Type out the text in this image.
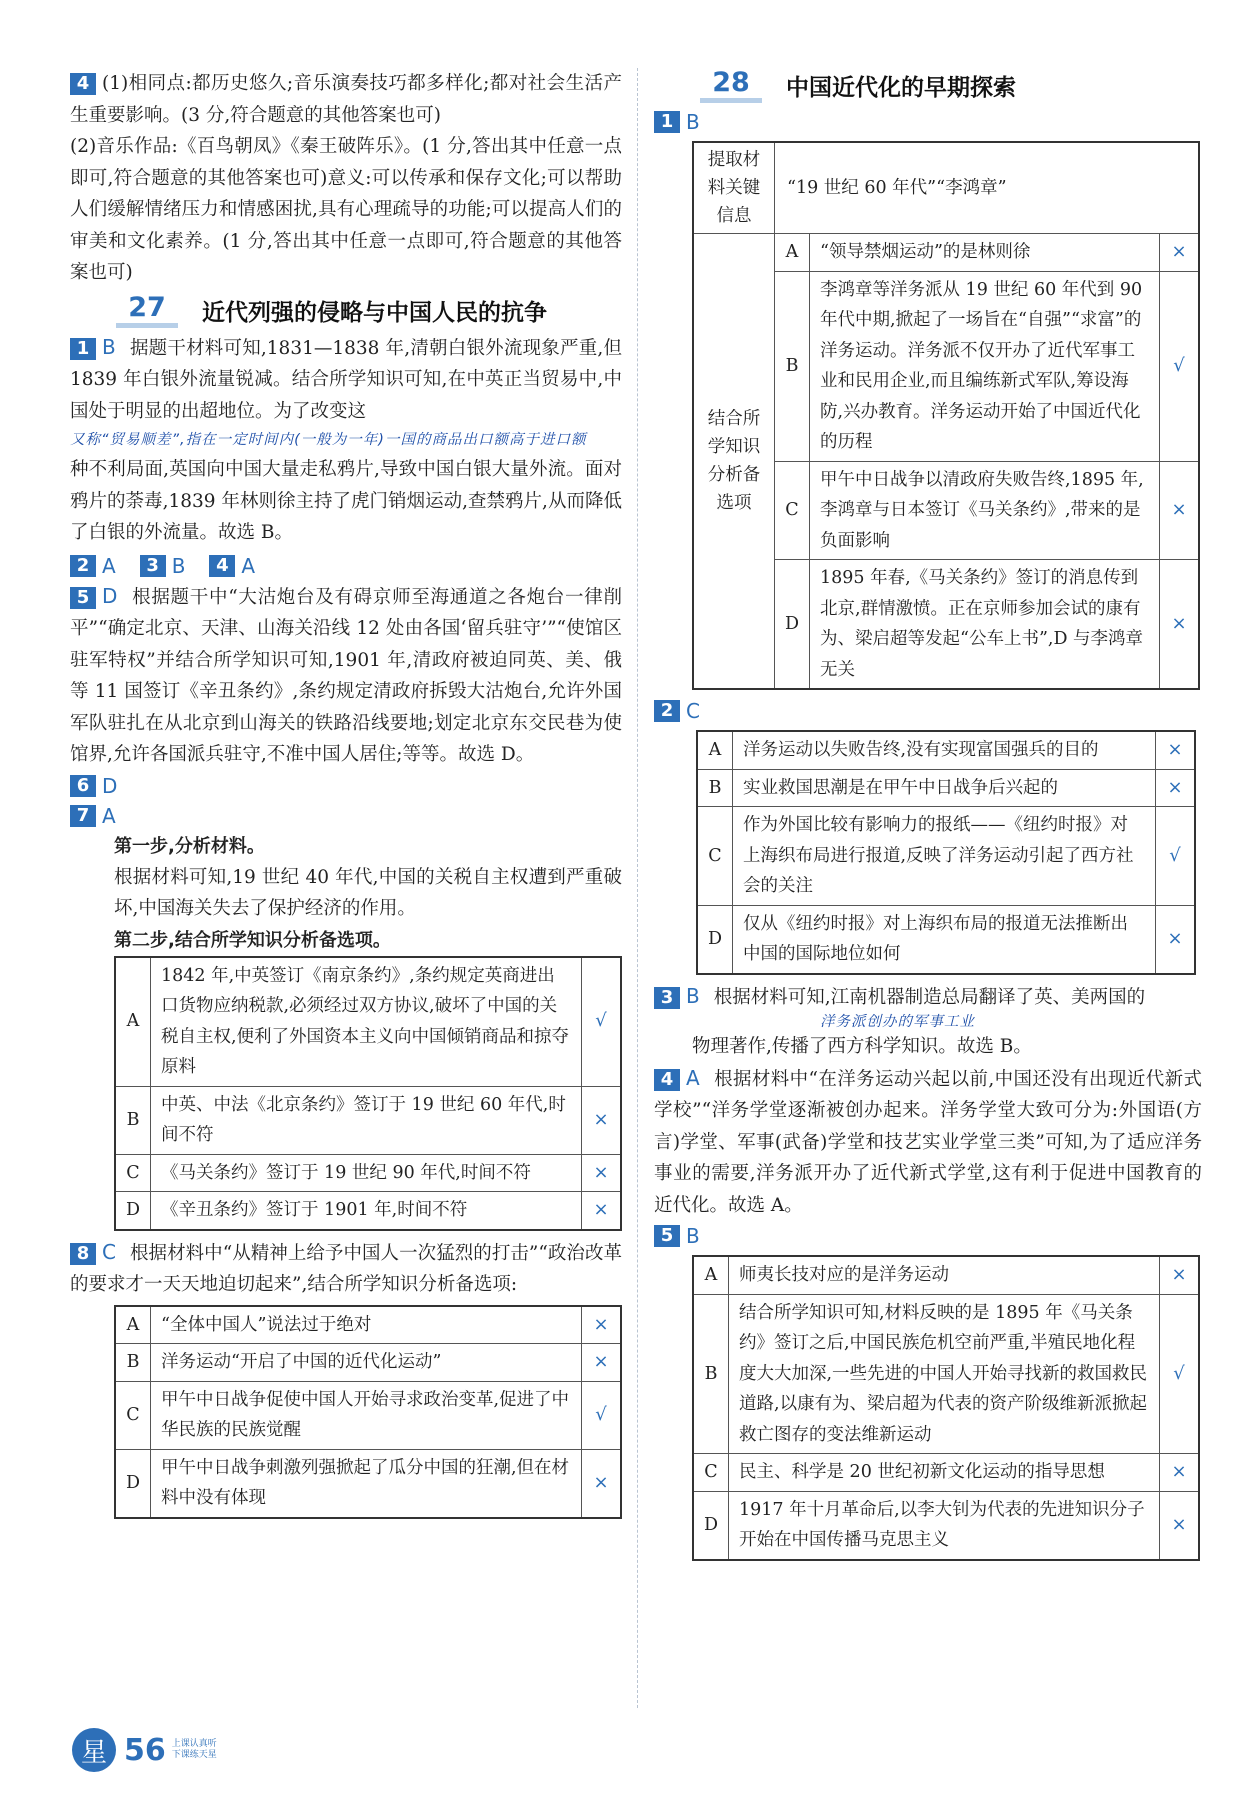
4 (1)相同点:都历史悠久;音乐演奏技巧都多样化;都对社会生活产生重要影响。(3 分,符合题意的其他答案也可)

(2)音乐作品:《百鸟朝凤》《秦王破阵乐》。(1 分,答出其中任意一点即可,符合题意的其他答案也可)意义:可以传承和保存文化;可以帮助人们缓解情绪压力和情感困扰,具有心理疏导的功能;可以提高人们的审美和文化素养。(1 分,答出其中任意一点即可,符合题意的其他答案也可)

27	近代列强的侵略与中国人民的抗争

1 B 据题干材料可知,1831—1838 年,清朝白银外流现象严重,但 1839 年白银外流量锐减。结合所学知识可知,在中英正当贸易中,中国处于明显的出超地位。为了改变这

又称“贸易顺差”,指在一定时间内(一般为一年)一国的商品出口额高于进口额

种不利局面,英国向中国大量走私鸦片,导致中国白银大量外流。面对鸦片的荼毒,1839 年林则徐主持了虎门销烟运动,查禁鸦片,从而降低了白银的外流量。故选 B。

2 A	3 B	4 A

5 D 根据题干中“大沽炮台及有碍京师至海通道之各炮台一律削平”“确定北京、天津、山海关沿线 12 处由各国‘留兵驻守’”“使馆区驻军特权”并结合所学知识可知,1901 年,清政府被迫同英、美、俄等 11 国签订《辛丑条约》,条约规定清政府拆毁大沽炮台,允许外国军队驻扎在从北京到山海关的铁路沿线要地;划定北京东交民巷为使馆界,允许各国派兵驻守,不准中国人居住;等等。故选 D。

6 D
7 A
第一步,分析材料。

根据材料可知,19 世纪 40 年代,中国的关税自主权遭到严重破坏,中国海关失去了保护经济的作用。

第二步,结合所学知识分析备选项。
A	1842 年,中英签订《南京条约》,条约规定英商进出口货物应纳税款,必须经过双方协议,破坏了中国的关税自主权,便利了外国资本主义向中国倾销商品和掠夺原料	√
B	中英、中法《北京条约》签订于 19 世纪 60 年代,时间不符	×
C	《马关条约》签订于 19 世纪 90 年代,时间不符	×
D	《辛丑条约》签订于 1901 年,时间不符	×

8 C 根据材料中“从精神上给予中国人一次猛烈的打击”“政治改革的要求才一天天地迫切起来”,结合所学知识分析备选项:

A	“全体中国人”说法过于绝对	×
B	洋务运动“开启了中国的近代化运动”	×
C	甲午中日战争促使中国人开始寻求政治变革,促进了中华民族的民族觉醒	√
D	甲午中日战争刺激列强掀起了瓜分中国的狂潮,但在材料中没有体现	×
28	中国近代化的早期探索
1 B
提取材料关键信息	“19 世纪 60 年代”“李鸿章”		
结合所学知识分析备选项	A	“领导禁烟运动”的是林则徐	×
	B	李鸿章等洋务派从 19 世纪 60 年代到 90 年代中期,掀起了一场旨在“自强”“求富”的洋务运动。洋务派不仅开办了近代军事工业和民用企业,而且编练新式军队,筹设海防,兴办教育。洋务运动开始了中国近代化的历程	√
	C	甲午中日战争以清政府失败告终,1895 年,李鸿章与日本签订《马关条约》,带来的是负面影响	×
	D	1895 年春,《马关条约》签订的消息传到北京,群情激愤。正在京师参加会试的康有为、梁启超等发起“公车上书”,D 与李鸿章无关	×
2 C
A	洋务运动以失败告终,没有实现富国强兵的目的	×
B	实业救国思潮是在甲午中日战争后兴起的	×
C	作为外国比较有影响力的报纸——《纽约时报》对上海织布局进行报道,反映了洋务运动引起了西方社会的关注	√
D	仅从《纽约时报》对上海织布局的报道无法推断出中国的国际地位如何	×

3 B 根据材料可知,江南机器制造总局翻译了英、美两国的

洋务派创办的军事工业

物理著作,传播了西方科学知识。故选 B。

4 A 根据材料中“在洋务运动兴起以前,中国还没有出现近代新式学校”“洋务学堂逐渐被创办起来。洋务学堂大致可分为:外国语(方言)学堂、军事(武备)学堂和技艺实业学堂三类”可知,为了适应洋务事业的需要,洋务派开办了近代新式学堂,这有利于促进中国教育的近代化。故选 A。

5 B
A	师夷长技对应的是洋务运动	×
B	结合所学知识可知,材料反映的是 1895 年《马关条约》签订之后,中国民族危机空前严重,半殖民地化程度大大加深,一些先进的中国人开始寻找新的救国救民道路,以康有为、梁启超为代表的资产阶级维新派掀起救亡图存的变法维新运动	√
C	民主、科学是 20 世纪初新文化运动的指导思想	×
D	1917 年十月革命后,以李大钊为代表的先进知识分子开始在中国传播马克思主义	×
星 56 上课认真听
下课练天星
